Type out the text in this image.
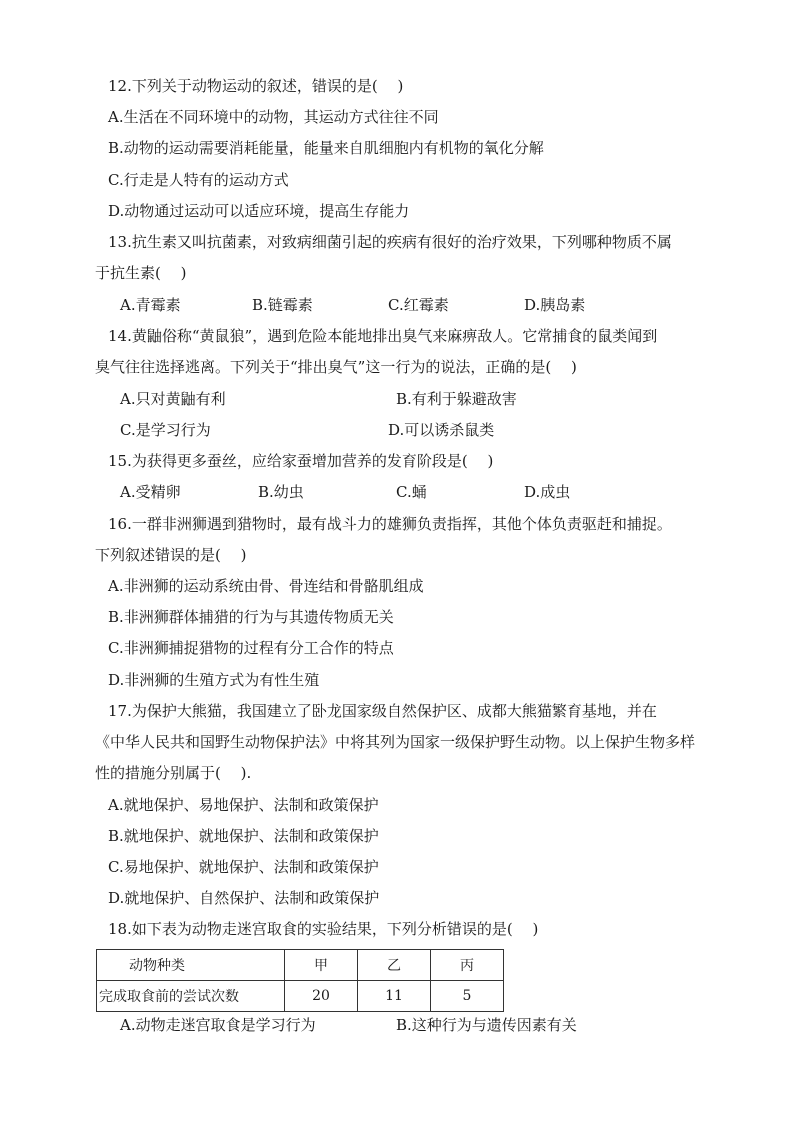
12.下列关于动物运动的叙述，错误的是(　 )
A.生活在不同环境中的动物，其运动方式往往不同
B.动物的运动需要消耗能量，能量来自肌细胞内有机物的氧化分解
C.行走是人特有的运动方式
D.动物通过运动可以适应环境，提高生存能力
13.抗生素又叫抗菌素，对致病细菌引起的疾病有很好的治疗效果，下列哪种物质不属
于抗生素(　 )
A.青霉素	B.链霉素	C.红霉素	D.胰岛素
14.黄鼬俗称“黄鼠狼”，遇到危险本能地排出臭气来麻痹敌人。它常捕食的鼠类闻到
臭气往往选择逃离。下列关于“排出臭气”这一行为的说法，正确的是(　 )
A.只对黄鼬有利	B.有利于躲避敌害
C.是学习行为	D.可以诱杀鼠类
15.为获得更多蚕丝，应给家蚕增加营养的发育阶段是(　 )
A.受精卵	B.幼虫	C.蛹	D.成虫
16.一群非洲狮遇到猎物时，最有战斗力的雄狮负责指挥，其他个体负责驱赶和捕捉。
下列叙述错误的是(　 )
A.非洲狮的运动系统由骨、骨连结和骨骼肌组成
B.非洲狮群体捕猎的行为与其遗传物质无关
C.非洲狮捕捉猎物的过程有分工合作的特点
D.非洲狮的生殖方式为有性生殖
17.为保护大熊猫，我国建立了卧龙国家级自然保护区、成都大熊猫繁育基地，并在
《中华人民共和国野生动物保护法》中将其列为国家一级保护野生动物。以上保护生物多样
性的措施分别属于(　 ).　
A.就地保护、易地保护、法制和政策保护
B.就地保护、就地保护、法制和政策保护
C.易地保护、就地保护、法制和政策保护
D.就地保护、自然保护、法制和政策保护
18.如下表为动物走迷宫取食的实验结果，下列分析错误的是(　 )
动物种类	甲	乙	丙
完成取食前的尝试次数	20	11	5
A.动物走迷宫取食是学习行为	B.这种行为与遗传因素有关
